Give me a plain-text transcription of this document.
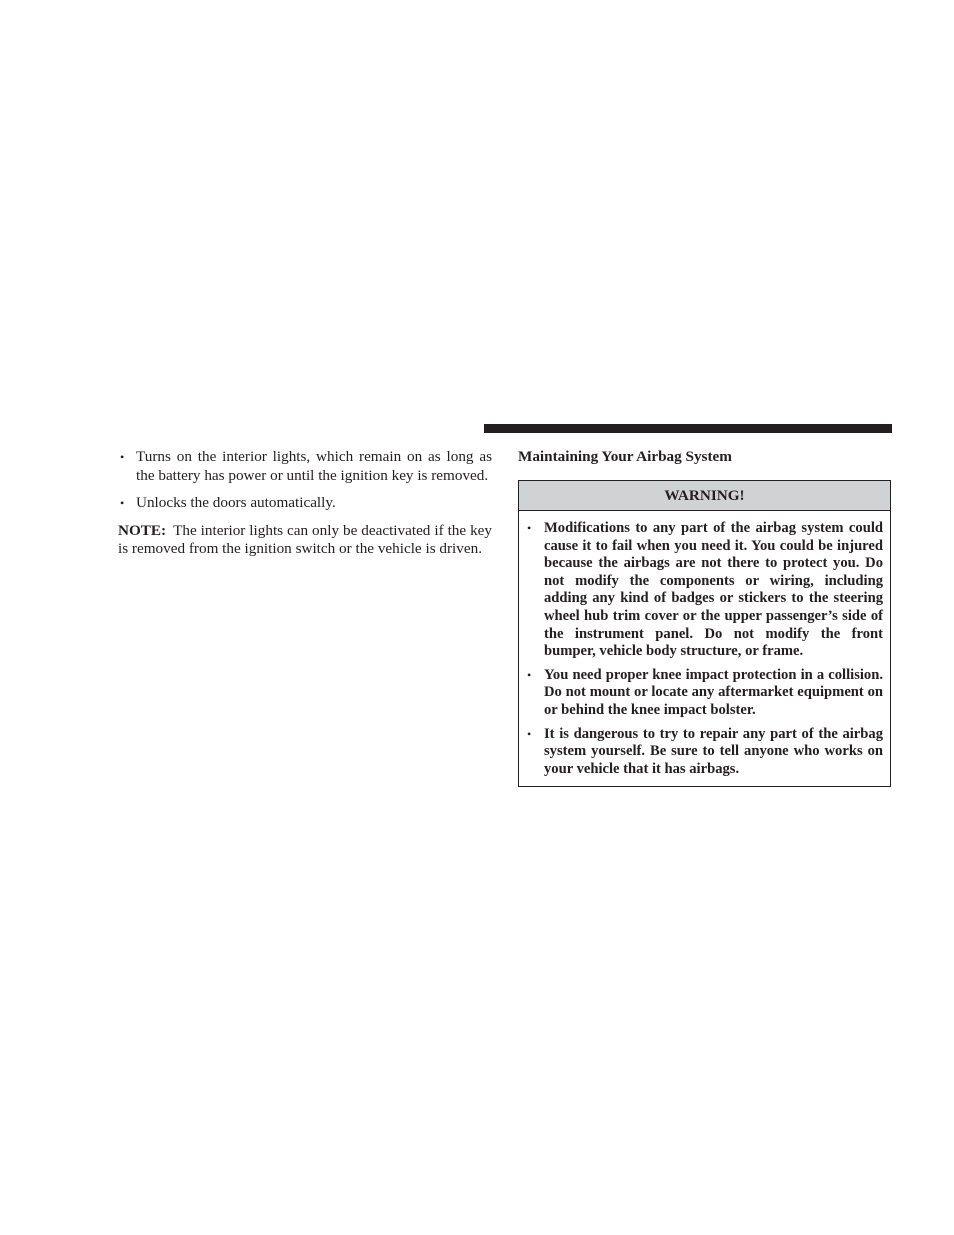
• Turns on the interior lights, which remain on as long as the battery has power or until the ignition key is removed.
• Unlocks the doors automatically.

NOTE: The interior lights can only be deactivated if the key is removed from the ignition switch or the vehicle is driven.

Maintaining Your Airbag System
WARNING!
• Modifications to any part of the airbag system could cause it to fail when you need it. You could be injured because the airbags are not there to protect you. Do not modify the components or wiring, including adding any kind of badges or stickers to the steering wheel hub trim cover or the upper passenger’s side of the instrument panel. Do not modify the front bumper, vehicle body structure, or frame.
• You need proper knee impact protection in a collision. Do not mount or locate any aftermarket equipment on or behind the knee impact bolster.
• It is dangerous to try to repair any part of the airbag system yourself. Be sure to tell anyone who works on your vehicle that it has airbags.
